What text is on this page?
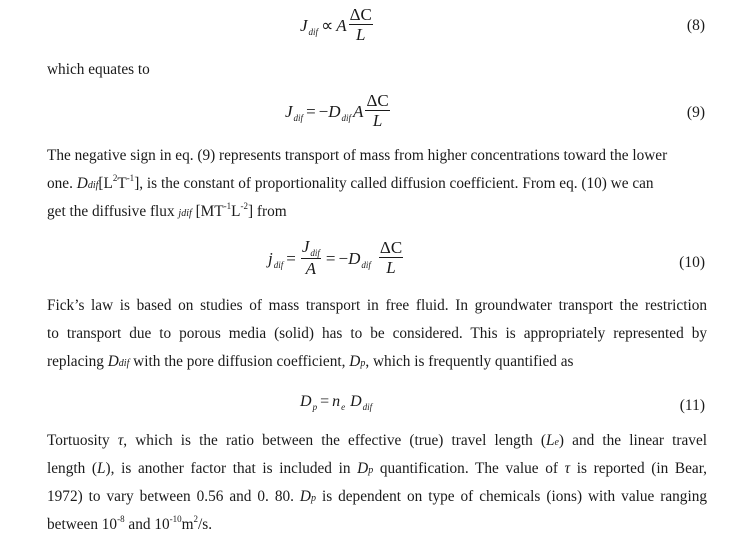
J dif ∝ A $\frac{\Delta C}{L}$	(8)
which equates to
J dif = − D dif A $\frac{\Delta C}{L}$	(9)
The negative sign in eq. (9) represents transport of mass from higher concentrations toward the lower
one. $Ddif[L^2T^{-1}]$, is the constant of proportionality called diffusion coefficient. From eq. (10) we can
get the diffusive flux jdif $[MT^{-1}L^{-2}]$ from
j dif = $\frac{J_{dif}}{A}$ = − D dif $\frac{\Delta C}{L}$	(10)
Fick’s law is based on studies of mass transport in free fluid. In groundwater transport the restriction
to transport due to porous media (solid) has to be considered. This is appropriately represented by
replacing Ddif with the pore diffusion coefficient, Dp, which is frequently quantified as
D p = n e D dif	(11)
Tortuosity τ, which is the ratio between the effective (true) travel length (Le) and the linear travel
length (L), is another factor that is included in Dp quantification. The value of τ is reported (in Bear,
1972) to vary between 0.56 and 0. 80. Dp is dependent on type of chemicals (ions) with value ranging
between $10^{-8}$ and $10^{-10}m^2/s$.
